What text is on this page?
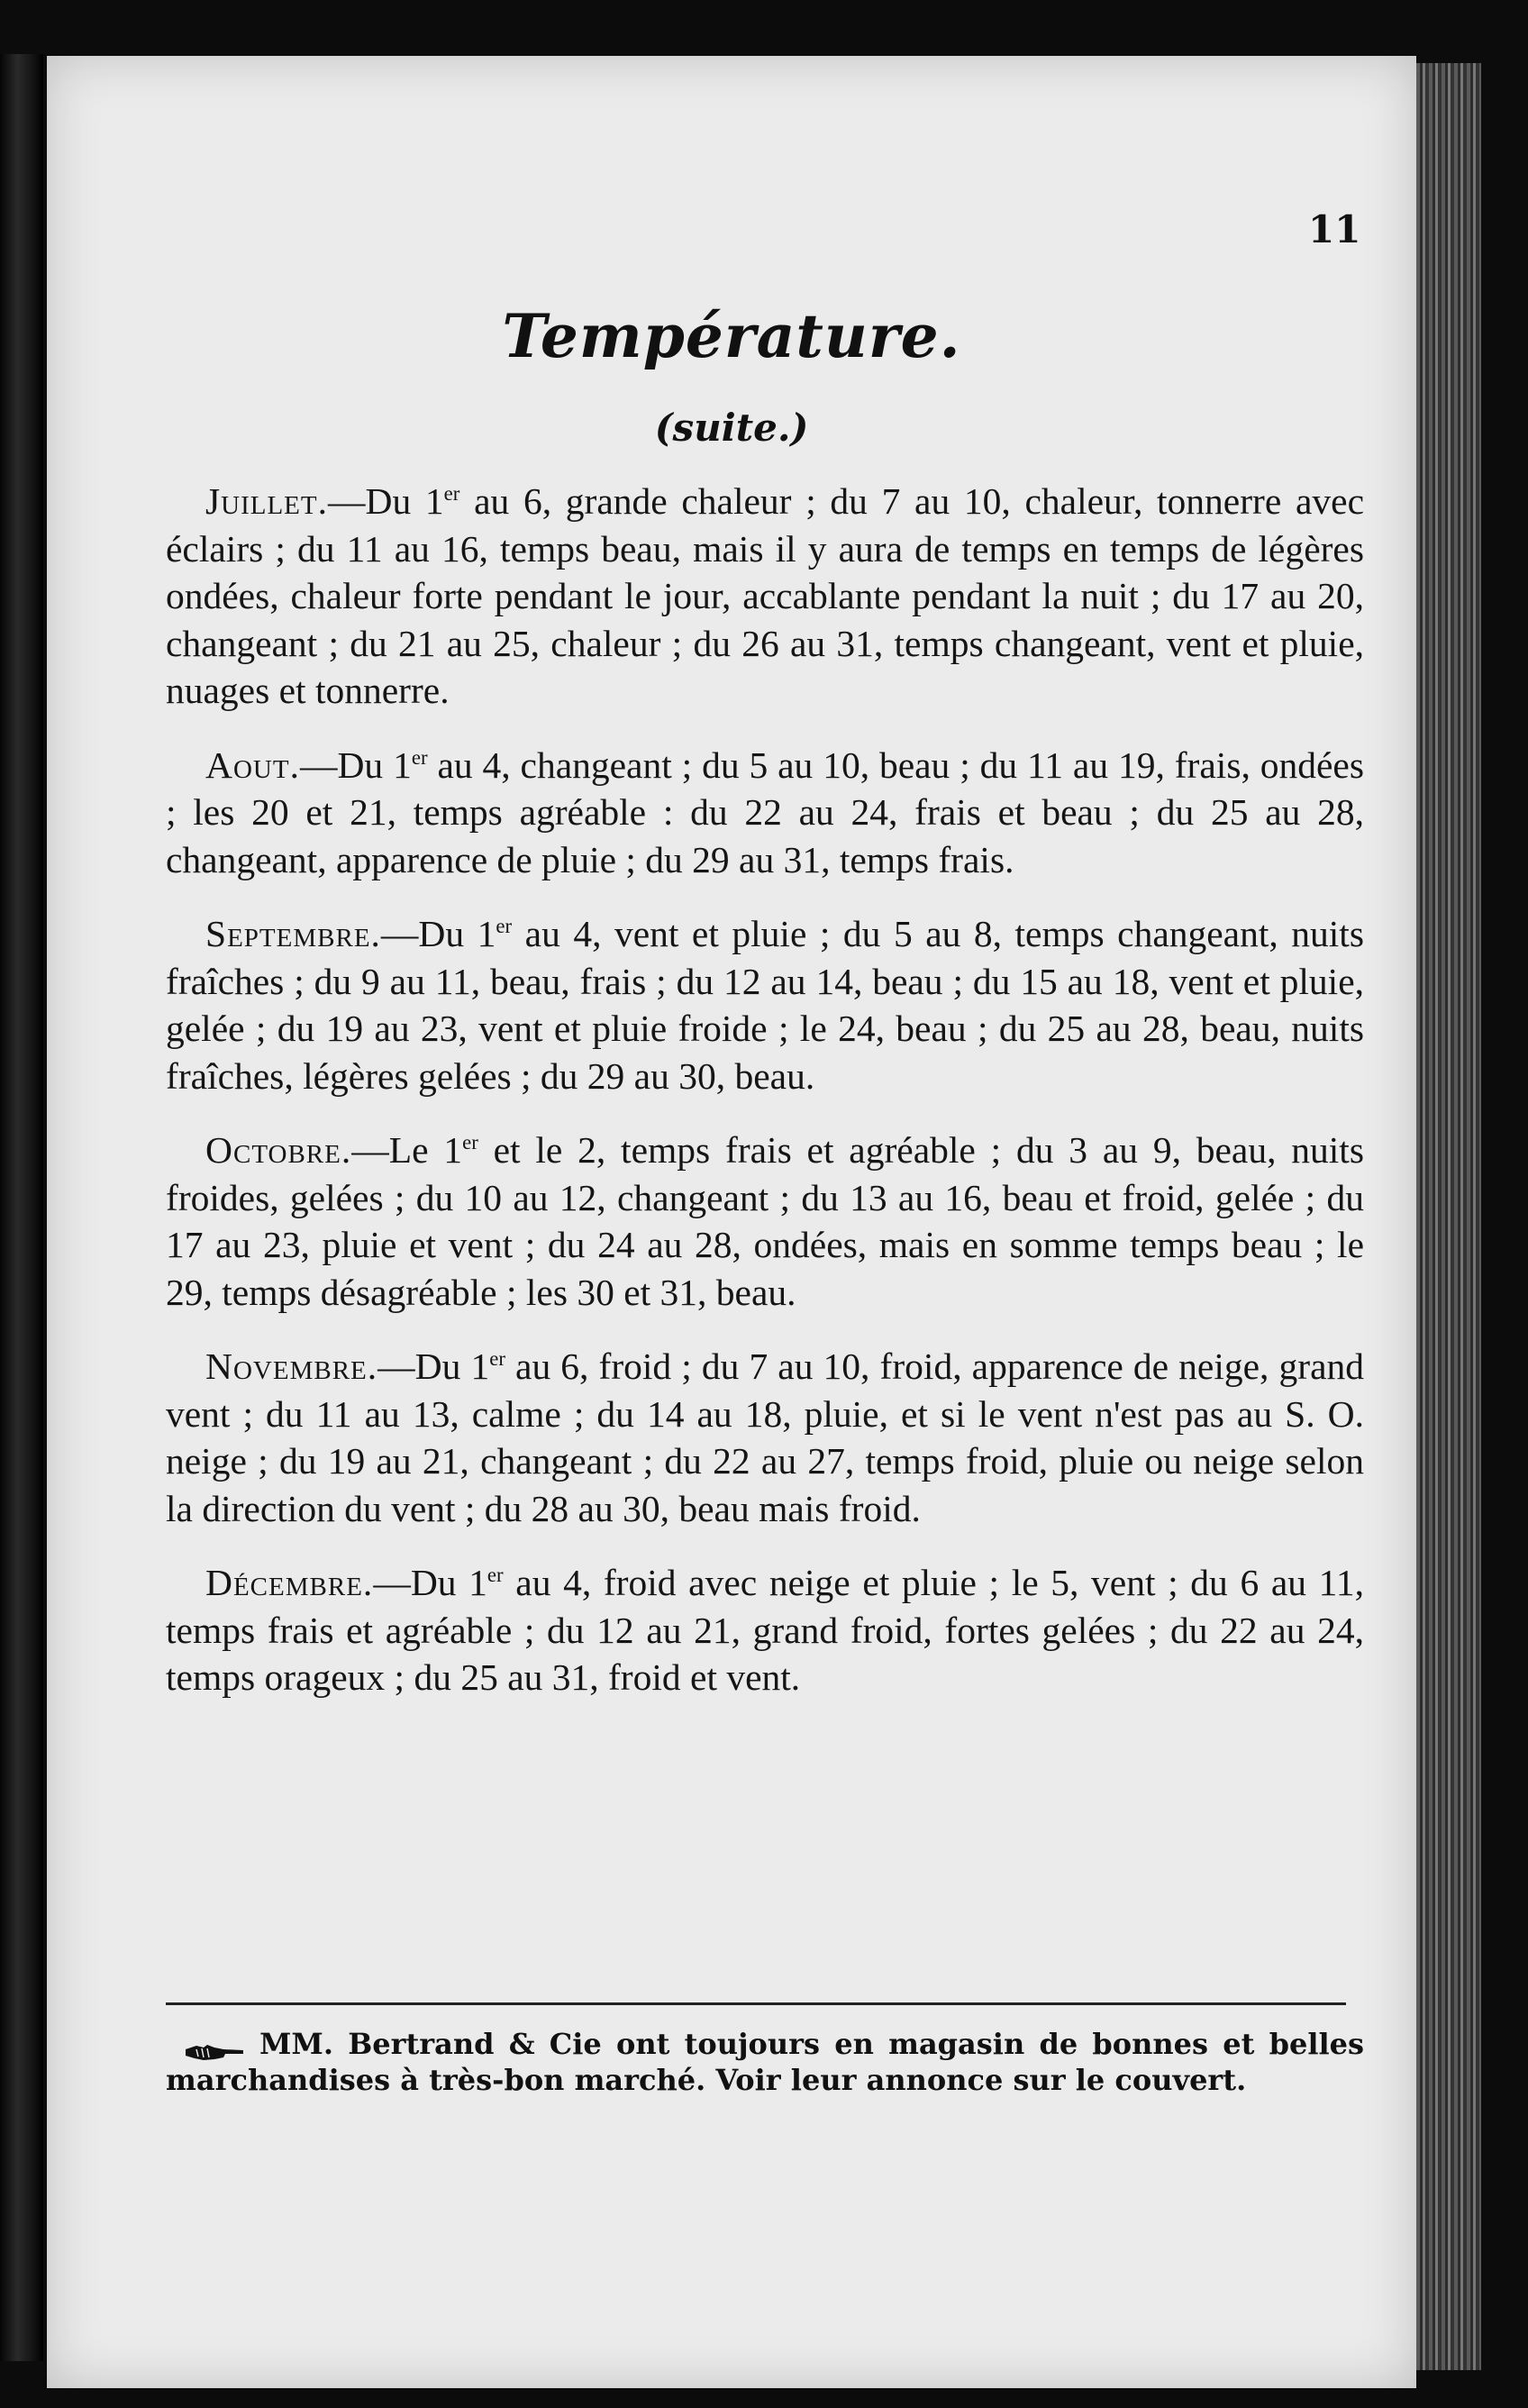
11
Température.
(suite.)

Juillet.—Du 1er au 6, grande chaleur ; du 7 au 10, chaleur, tonnerre avec éclairs ; du 11 au 16, temps beau, mais il y aura de temps en temps de légères ondées, chaleur forte pendant le jour, accablante pendant la nuit ; du 17 au 20, changeant ; du 21 au 25, chaleur ; du 26 au 31, temps changeant, vent et pluie, nuages et tonnerre.

Aout.—Du 1er au 4, changeant ; du 5 au 10, beau ; du 11 au 19, frais, ondées ; les 20 et 21, temps agréable : du 22 au 24, frais et beau ; du 25 au 28, changeant, apparence de pluie ; du 29 au 31, temps frais.

Septembre.—Du 1er au 4, vent et pluie ; du 5 au 8, temps changeant, nuits fraîches ; du 9 au 11, beau, frais ; du 12 au 14, beau ; du 15 au 18, vent et pluie, gelée ; du 19 au 23, vent et pluie froide ; le 24, beau ; du 25 au 28, beau, nuits fraîches, légères gelées ; du 29 au 30, beau.

Octobre.—Le 1er et le 2, temps frais et agréable ; du 3 au 9, beau, nuits froides, gelées ; du 10 au 12, changeant ; du 13 au 16, beau et froid, gelée ; du 17 au 23, pluie et vent ; du 24 au 28, ondées, mais en somme temps beau ; le 29, temps désagréable ; les 30 et 31, beau.

Novembre.—Du 1er au 6, froid ; du 7 au 10, froid, apparence de neige, grand vent ; du 11 au 13, calme ; du 14 au 18, pluie, et si le vent n'est pas au S. O. neige ; du 19 au 21, changeant ; du 22 au 27, temps froid, pluie ou neige selon la direction du vent ; du 28 au 30, beau mais froid.

Décembre.—Du 1er au 4, froid avec neige et pluie ; le 5, vent ; du 6 au 11, temps frais et agréable ; du 12 au 21, grand froid, fortes gelées ; du 22 au 24, temps orageux ; du 25 au 31, froid et vent.

MM. Bertrand & Cie ont toujours en magasin de bonnes et belles marchandises à très-bon marché. Voir leur annonce sur le couvert.
